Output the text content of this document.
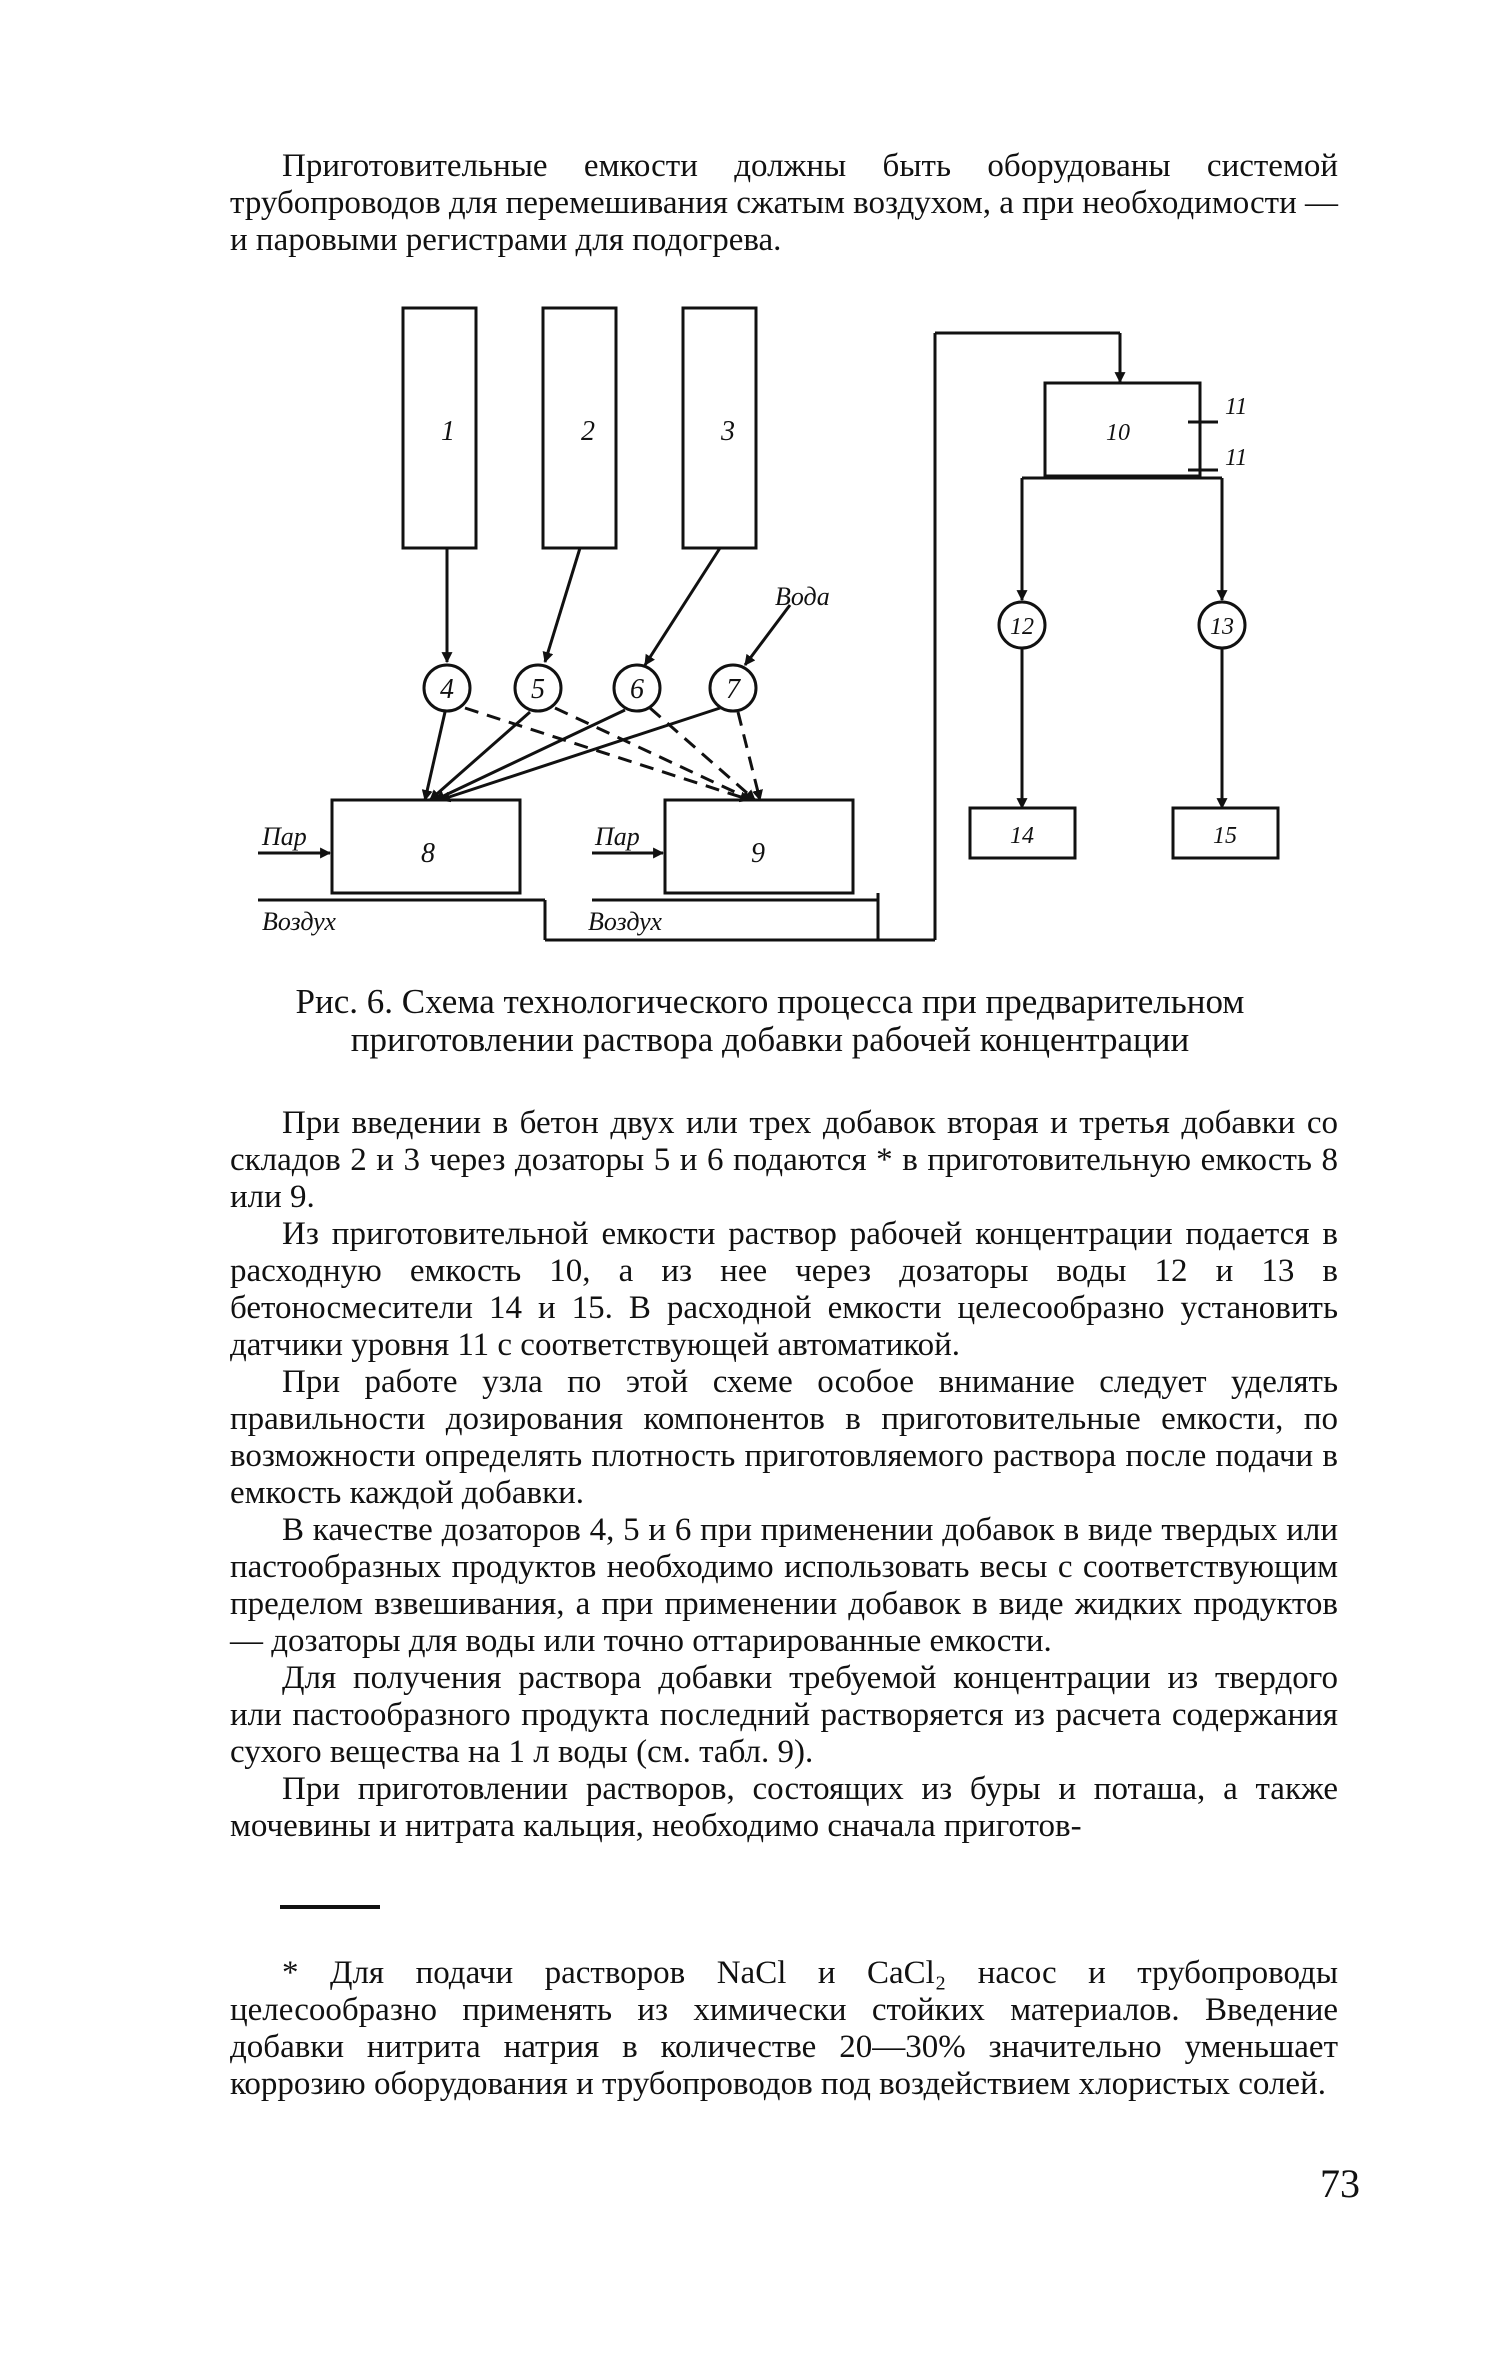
Приготовительные емкости должны быть оборудованы системой трубопроводов для перемешивания сжатым воздухом, а при необходимости — и паровыми регистрами для подогрева.

1	2	3
4	5	6	7
8	9
10
11
11
12	13
14	15
Вода
Пар	Пар
Воздух	Воздух
Рис. 6. Схема технологического процесса при предварительном приготовлении раствора добавки рабочей концентрации

При введении в бетон двух или трех добавок вторая и третья добавки со складов 2 и 3 через дозаторы 5 и 6 подаются * в приготовительную емкость 8 или 9.

Из приготовительной емкости раствор рабочей концентрации подается в расходную емкость 10, а из нее через дозаторы воды 12 и 13 в бетоносмесители 14 и 15. В расходной емкости целесообразно установить датчики уровня 11 с соответствующей автоматикой.

При работе узла по этой схеме особое внимание следует уделять правильности дозирования компонентов в приготовительные емкости, по возможности определять плотность приготовляемого раствора после подачи в емкость каждой добавки.

В качестве дозаторов 4, 5 и 6 при применении добавок в виде твердых или пастообразных продуктов необходимо использовать весы с соответствующим пределом взвешивания, а при применении добавок в виде жидких продуктов — дозаторы для воды или точно оттарированные емкости.

Для получения раствора добавки требуемой концентрации из твердого или пастообразного продукта последний растворяется из расчета содержания сухого вещества на 1 л воды (см. табл. 9).

При приготовлении растворов, состоящих из буры и поташа, а также мочевины и нитрата кальция, необходимо сначала приготов-

* Для подачи растворов NaCl и CaCl₂ насос и трубопроводы целесообразно применять из химически стойких материалов. Введение добавки нитрита натрия в количестве 20—30% значительно уменьшает коррозию оборудования и трубопроводов под воздействием хлористых солей.

73
